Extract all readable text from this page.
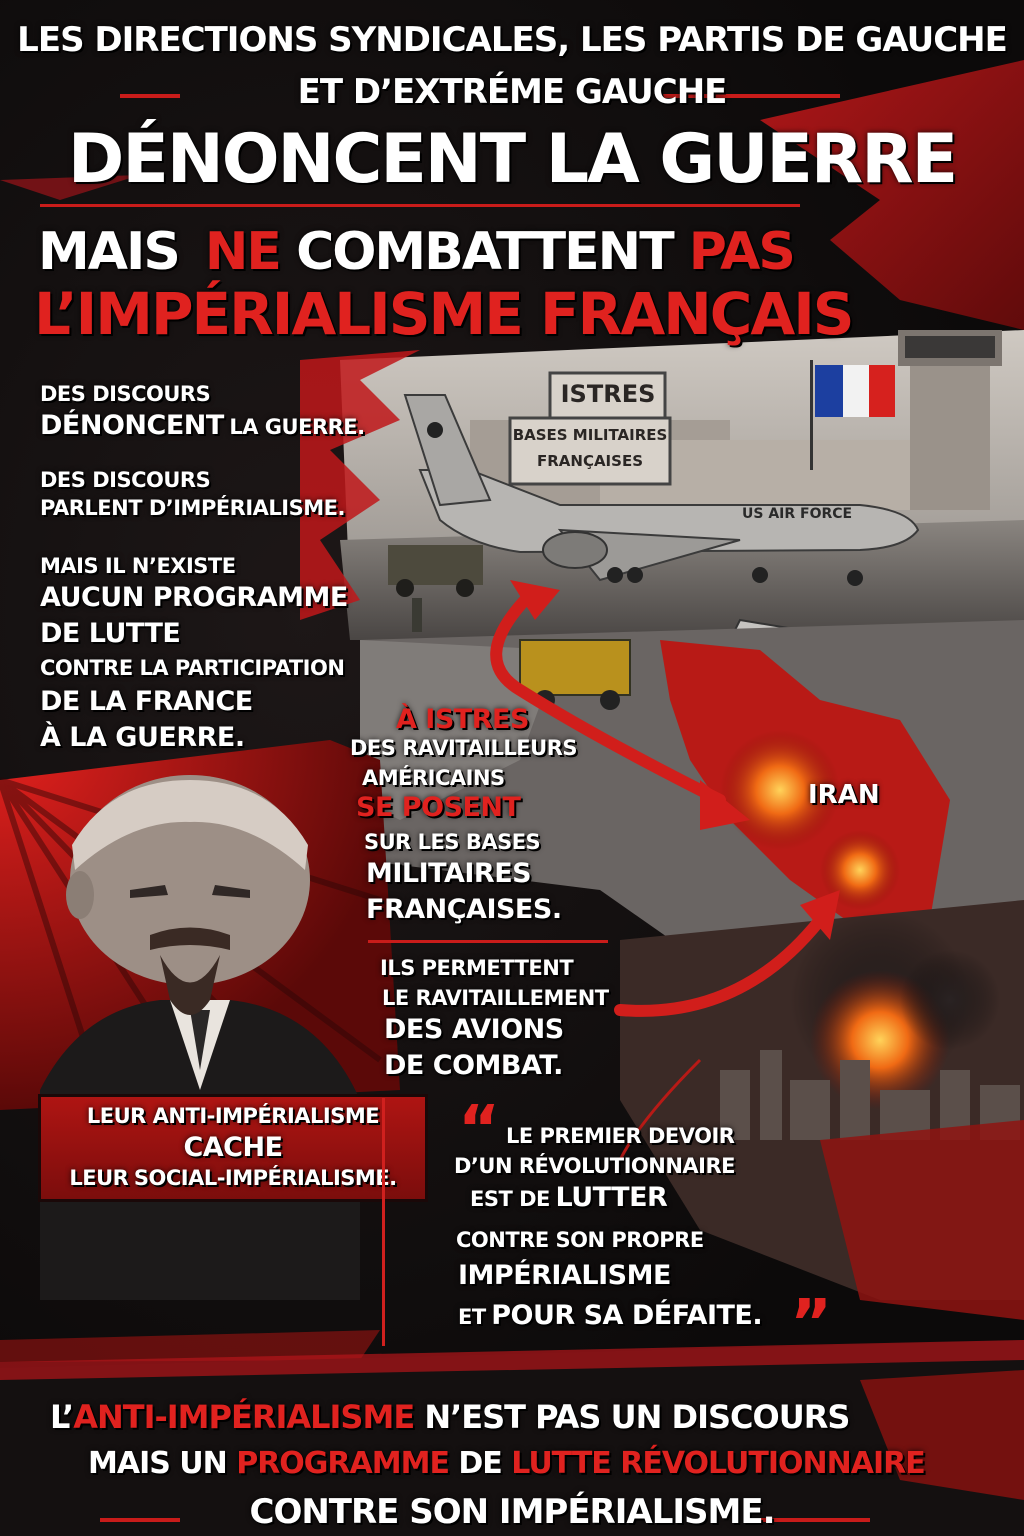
LES DIRECTIONS SYNDICALES, LES PARTIS DE GAUCHE
ET D’EXTRÉME GAUCHE
DÉNONCENT LA GUERRE
MAIS NE COMBATTENT PAS
L’IMPÉRIALISME FRANÇAIS
DES DISCOURS
DÉNONCENT LA GUERRE.
DES DISCOURS
PARLENT D’IMPÉRIALISME.
MAIS IL N’EXISTE
AUCUN PROGRAMME
DE LUTTE
CONTRE LA PARTICIPATION
DE LA FRANCE
À LA GUERRE.
ISTRES
BASES MILITAIRES
FRANÇAISES
US AIR FORCE
IRAN
À ISTRES
DES RAVITAILLEURS
AMÉRICAINS
SE POSENT
SUR LES BASES
MILITAIRES
FRANÇAISES.
ILS PERMETTENT
LE RAVITAILLEMENT
DES AVIONS
DE COMBAT.
LEUR ANTI-IMPÉRIALISME
CACHE
LEUR SOCIAL-IMPÉRIALISME.
“ LE PREMIER DEVOIR
D’UN RÉVOLUTIONNAIRE
EST DE LUTTER
CONTRE SON PROPRE
IMPÉRIALISME
ET POUR SA DÉFAITE. ”
L’ANTI-IMPÉRIALISME N’EST PAS UN DISCOURS
MAIS UN PROGRAMME DE LUTTE RÉVOLUTIONNAIRE
CONTRE SON IMPÉRIALISME.
